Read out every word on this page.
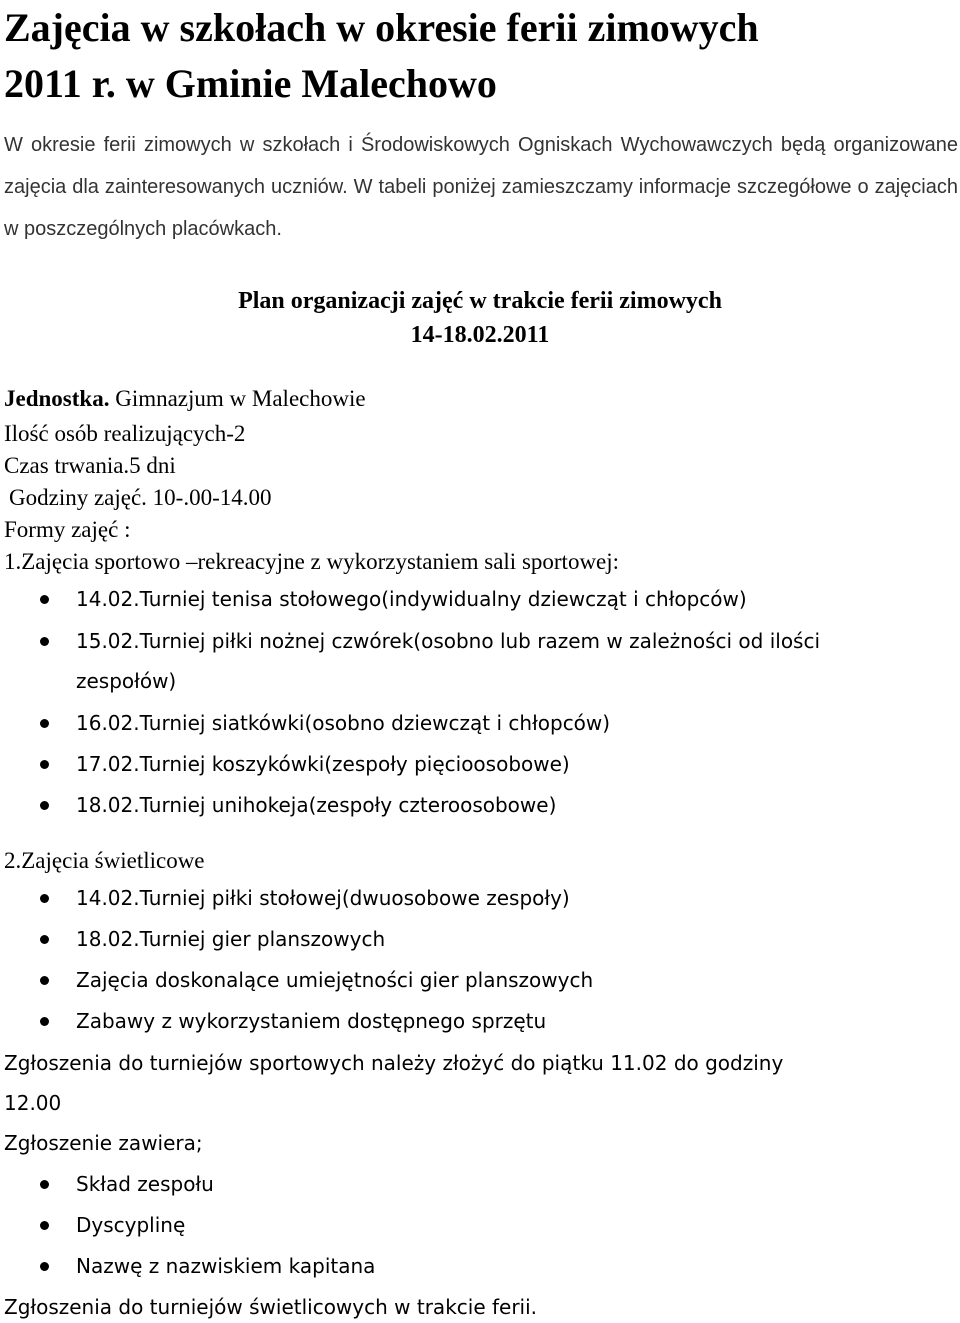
Zajęcia w szkołach w okresie ferii zimowych
2011 r. w Gminie Malechowo

W okresie ferii zimowych w szkołach i Środowiskowych Ogniskach Wychowawczych będą organizowane zajęcia dla zainteresowanych uczniów. W tabeli poniżej zamieszczamy informacje szczegółowe o zajęciach w poszczególnych placówkach.

Plan organizacji zajęć w trakcie ferii zimowych
14-18.02.2011
Jednostka. Gimnazjum w Malechowie
Ilość osób realizujących-2
Czas trwania.5 dni
Godziny zajęć. 10-.00-14.00
Formy zajęć :
1.Zajęcia sportowo –rekreacyjne z wykorzystaniem sali sportowej:
14.02.Turniej tenisa stołowego(indywidualny dziewcząt i chłopców)
15.02.Turniej piłki nożnej czwórek(osobno lub razem w zależności od ilości
zespołów)
16.02.Turniej siatkówki(osobno dziewcząt i chłopców)
17.02.Turniej koszykówki(zespoły pięcioosobowe)
18.02.Turniej unihokeja(zespoły czteroosobowe)
2.Zajęcia świetlicowe
14.02.Turniej piłki stołowej(dwuosobowe zespoły)
18.02.Turniej gier planszowych
Zajęcia doskonalące umiejętności gier planszowych
Zabawy z wykorzystaniem dostępnego sprzętu
Zgłoszenia do turniejów sportowych należy złożyć do piątku 11.02 do godziny
12.00
Zgłoszenie zawiera;
Skład zespołu
Dyscyplinę
Nazwę z nazwiskiem kapitana
Zgłoszenia do turniejów świetlicowych w trakcie ferii.
